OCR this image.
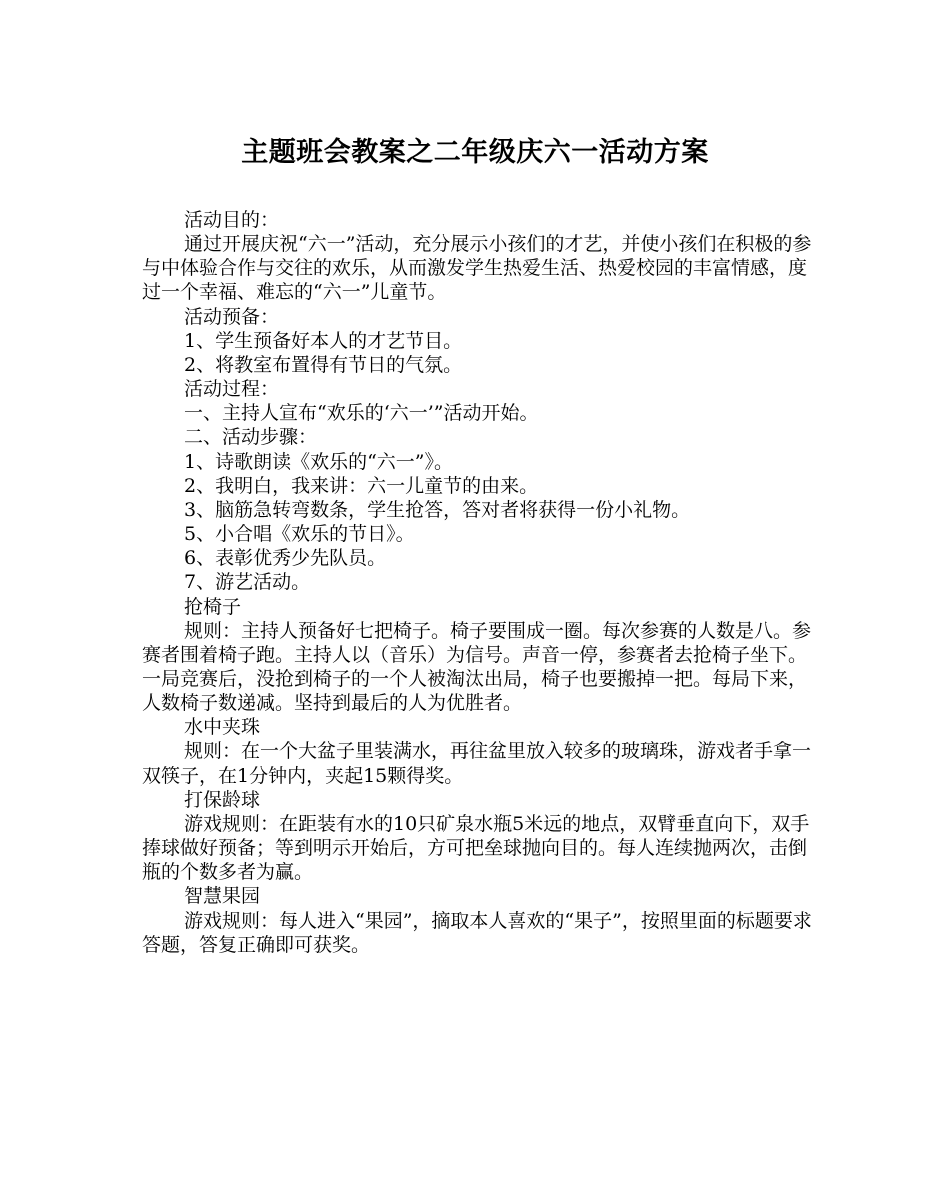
主题班会教案之二年级庆六一活动方案

活动目的：

通过开展庆祝“六一”活动，充分展示小孩们的才艺，并使小孩们在积极的参与中体验合作与交往的欢乐，从而激发学生热爱生活、热爱校园的丰富情感，度过一个幸福、难忘的“六一”儿童节。

活动预备：

1、学生预备好本人的才艺节目。

2、将教室布置得有节日的气氛。

活动过程：

一、主持人宣布“欢乐的‘六一’”活动开始。

二、活动步骤：

1、诗歌朗读《欢乐的“六一”》。

2、我明白，我来讲：六一儿童节的由来。

3、脑筋急转弯数条，学生抢答，答对者将获得一份小礼物。

5、小合唱《欢乐的节日》。

6、表彰优秀少先队员。

7、游艺活动。

抢椅子

规则：主持人预备好七把椅子。椅子要围成一圈。每次参赛的人数是八。参赛者围着椅子跑。主持人以（音乐）为信号。声音一停，参赛者去抢椅子坐下。一局竞赛后，没抢到椅子的一个人被淘汰出局，椅子也要搬掉一把。每局下来，人数椅子数递减。坚持到最后的人为优胜者。

水中夹珠

规则：在一个大盆子里装满水，再往盆里放入较多的玻璃珠，游戏者手拿一双筷子，在1分钟内，夹起15颗得奖。

打保龄球

游戏规则：在距装有水的10只矿泉水瓶5米远的地点，双臂垂直向下，双手捧球做好预备；等到明示开始后，方可把垒球抛向目的。每人连续抛两次，击倒瓶的个数多者为赢。

智慧果园

游戏规则：每人进入“果园”，摘取本人喜欢的“果子”，按照里面的标题要求答题，答复正确即可获奖。
